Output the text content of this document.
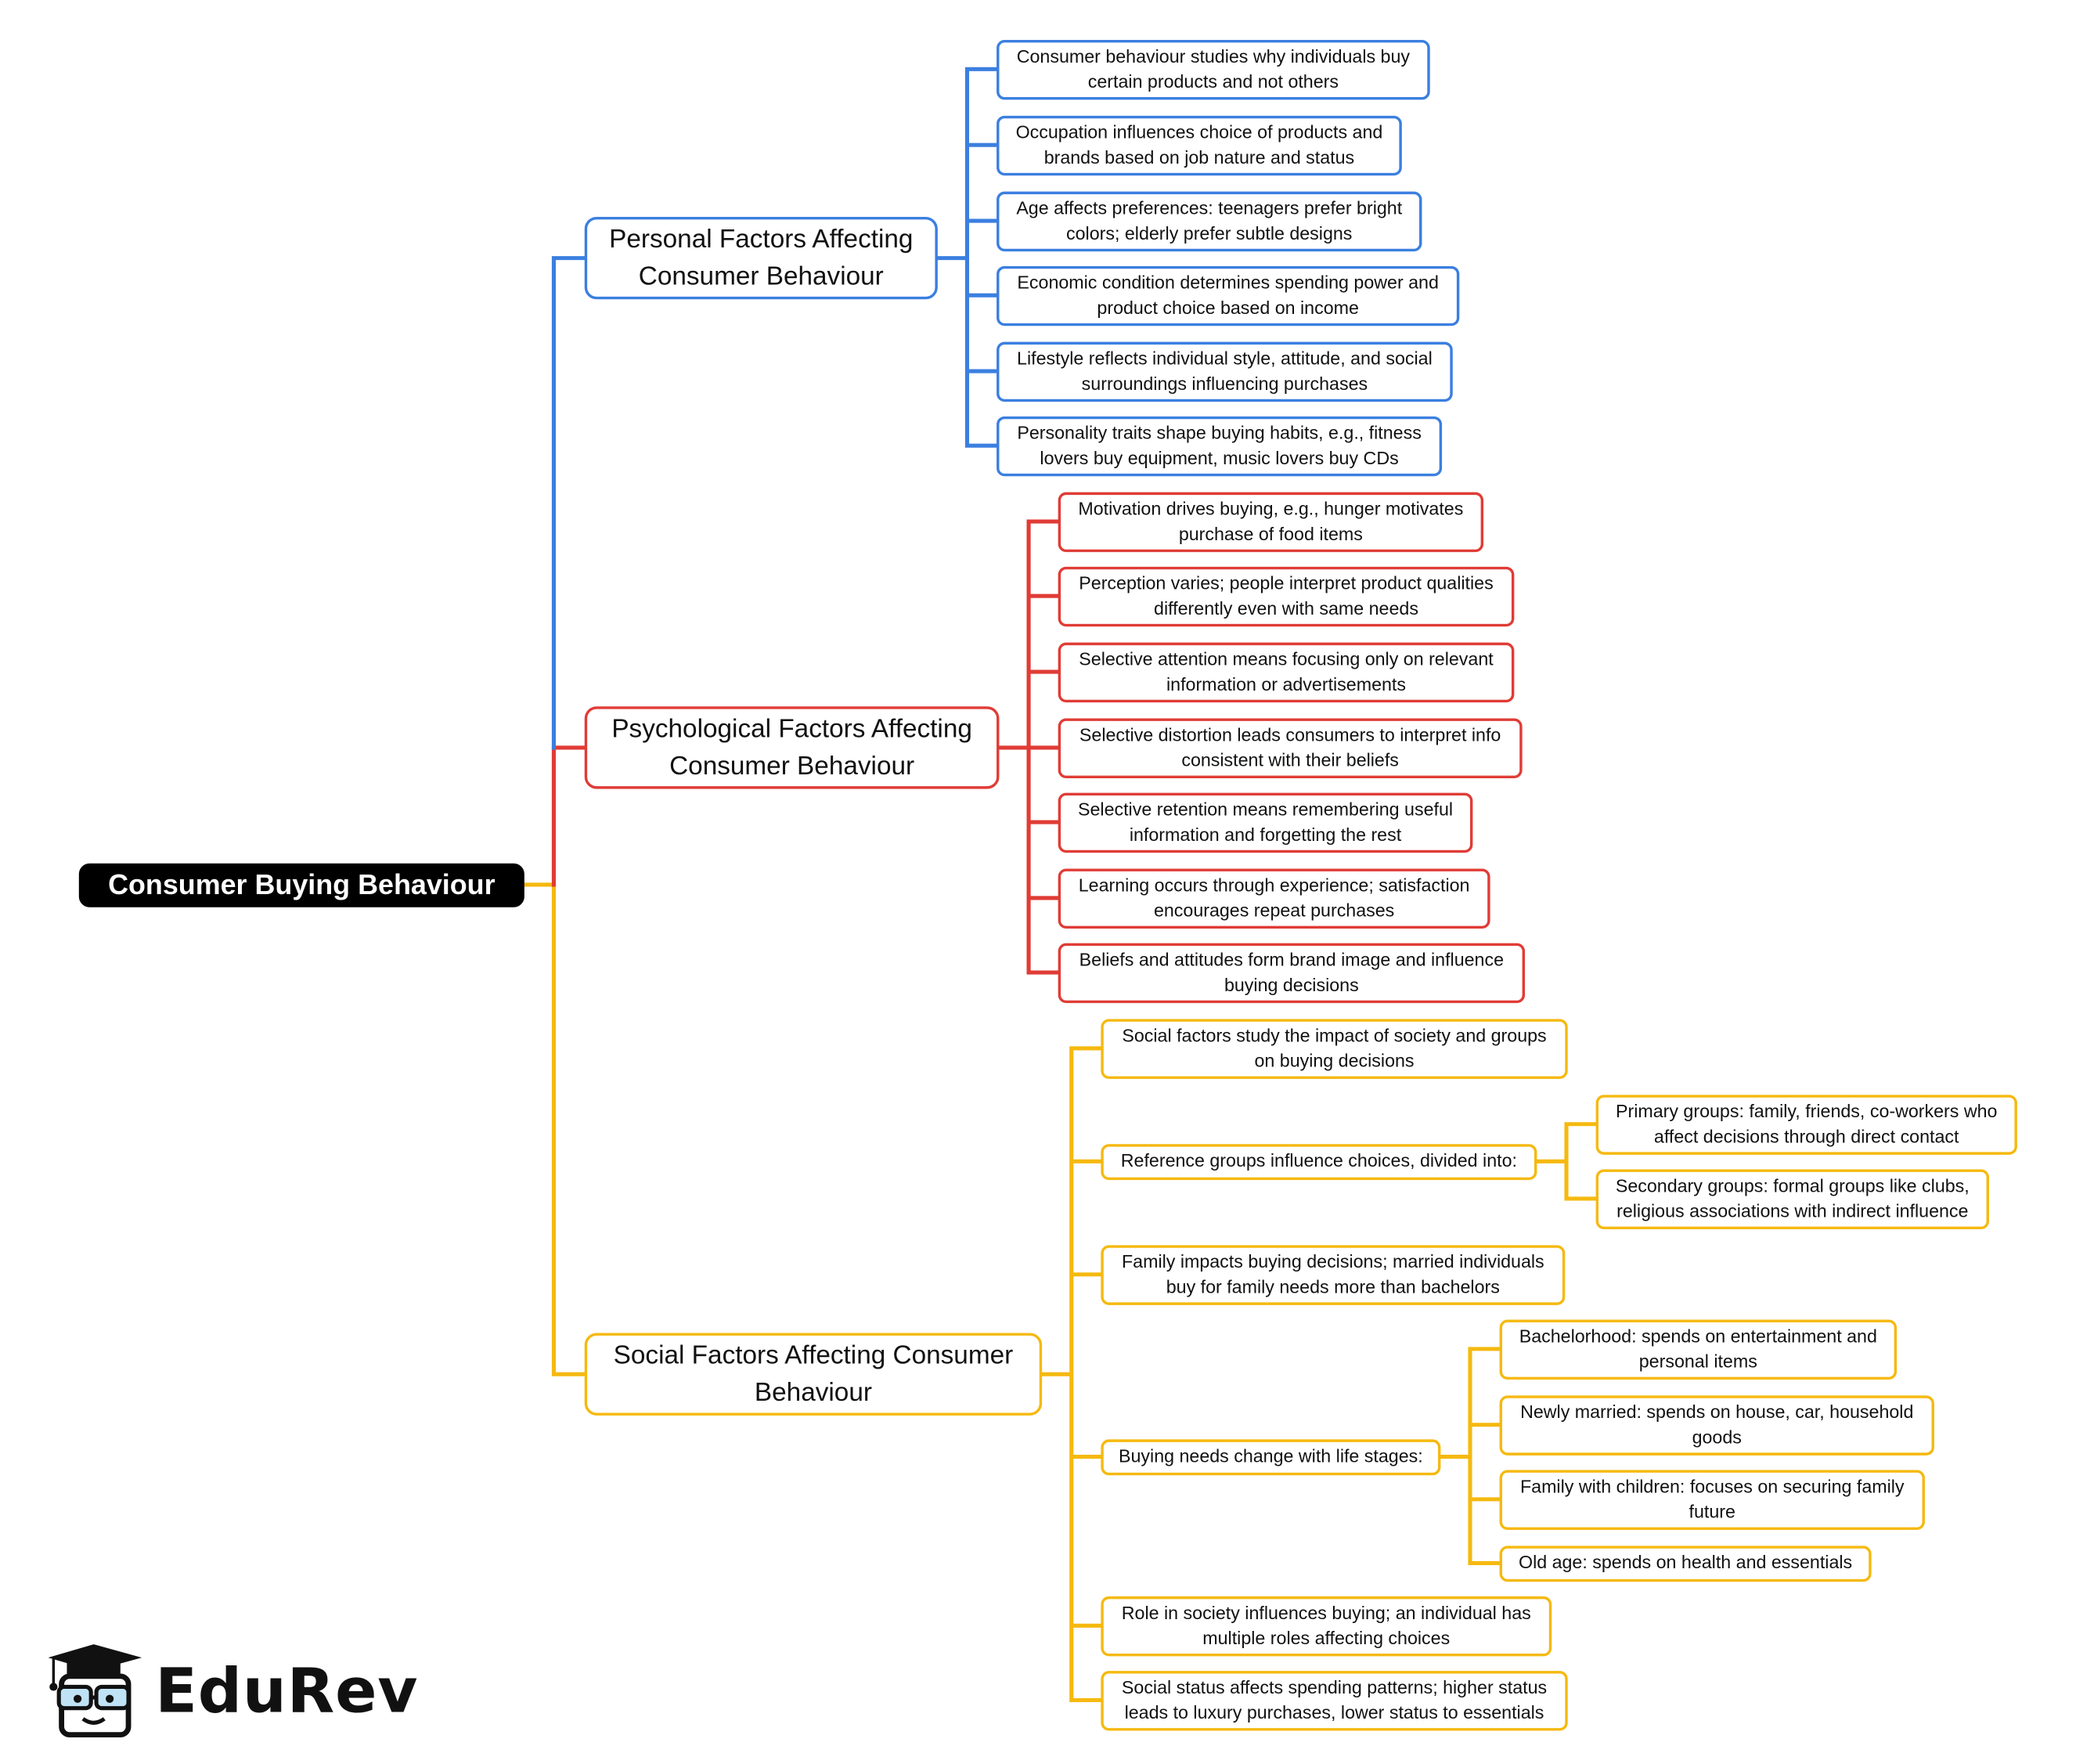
Consumer Buying Behaviour
Personal Factors Affecting
Consumer Behaviour
Consumer behaviour studies why individuals buy
certain products and not others
Occupation influences choice of products and
brands based on job nature and status
Age affects preferences: teenagers prefer bright
colors; elderly prefer subtle designs
Economic condition determines spending power and
product choice based on income
Lifestyle reflects individual style, attitude, and social
surroundings influencing purchases
Personality traits shape buying habits, e.g., fitness
lovers buy equipment, music lovers buy CDs
Psychological Factors Affecting
Consumer Behaviour
Motivation drives buying, e.g., hunger motivates
purchase of food items
Perception varies; people interpret product qualities
differently even with same needs
Selective attention means focusing only on relevant
information or advertisements
Selective distortion leads consumers to interpret info
consistent with their beliefs
Selective retention means remembering useful
information and forgetting the rest
Learning occurs through experience; satisfaction
encourages repeat purchases
Beliefs and attitudes form brand image and influence
buying decisions
Social Factors Affecting Consumer
Behaviour
Social factors study the impact of society and groups
on buying decisions
Reference groups influence choices, divided into:
Family impacts buying decisions; married individuals
buy for family needs more than bachelors
Buying needs change with life stages:
Role in society influences buying; an individual has
multiple roles affecting choices
Social status affects spending patterns; higher status
leads to luxury purchases, lower status to essentials
Primary groups: family, friends, co-workers who
affect decisions through direct contact
Secondary groups: formal groups like clubs,
religious associations with indirect influence
Bachelorhood: spends on entertainment and
personal items
Newly married: spends on house, car, household
goods
Family with children: focuses on securing family
future
Old age: spends on health and essentials
EduRev
